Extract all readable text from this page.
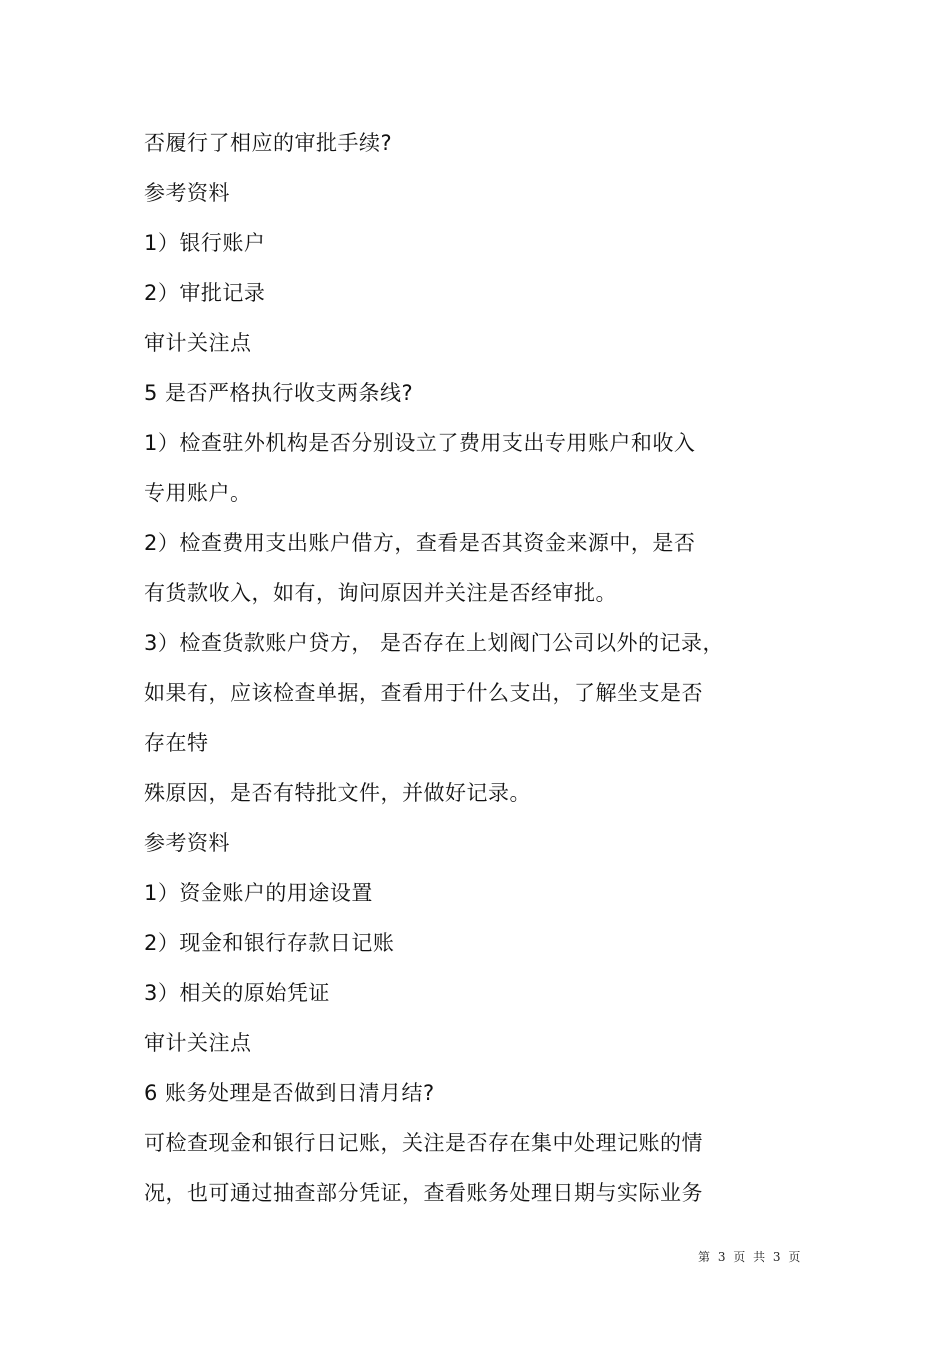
否履行了相应的审批手续?
参考资料
1）银行账户
2）审批记录
审计关注点
5 是否严格执行收支两条线?
1）检查驻外机构是否分别设立了费用支出专用账户和收入
专用账户。
2）检查费用支出账户借方，查看是否其资金来源中，是否
有货款收入，如有，询问原因并关注是否经审批。
3）检查货款账户贷方， 是否存在上划阀门公司以外的记录，
如果有，应该检查单据，查看用于什么支出，了解坐支是否
存在特
殊原因，是否有特批文件，并做好记录。
参考资料
1）资金账户的用途设置
2）现金和银行存款日记账
3）相关的原始凭证
审计关注点
6 账务处理是否做到日清月结?
可检查现金和银行日记账，关注是否存在集中处理记账的情
况，也可通过抽查部分凭证，查看账务处理日期与实际业务
第 3 页 共 3 页
